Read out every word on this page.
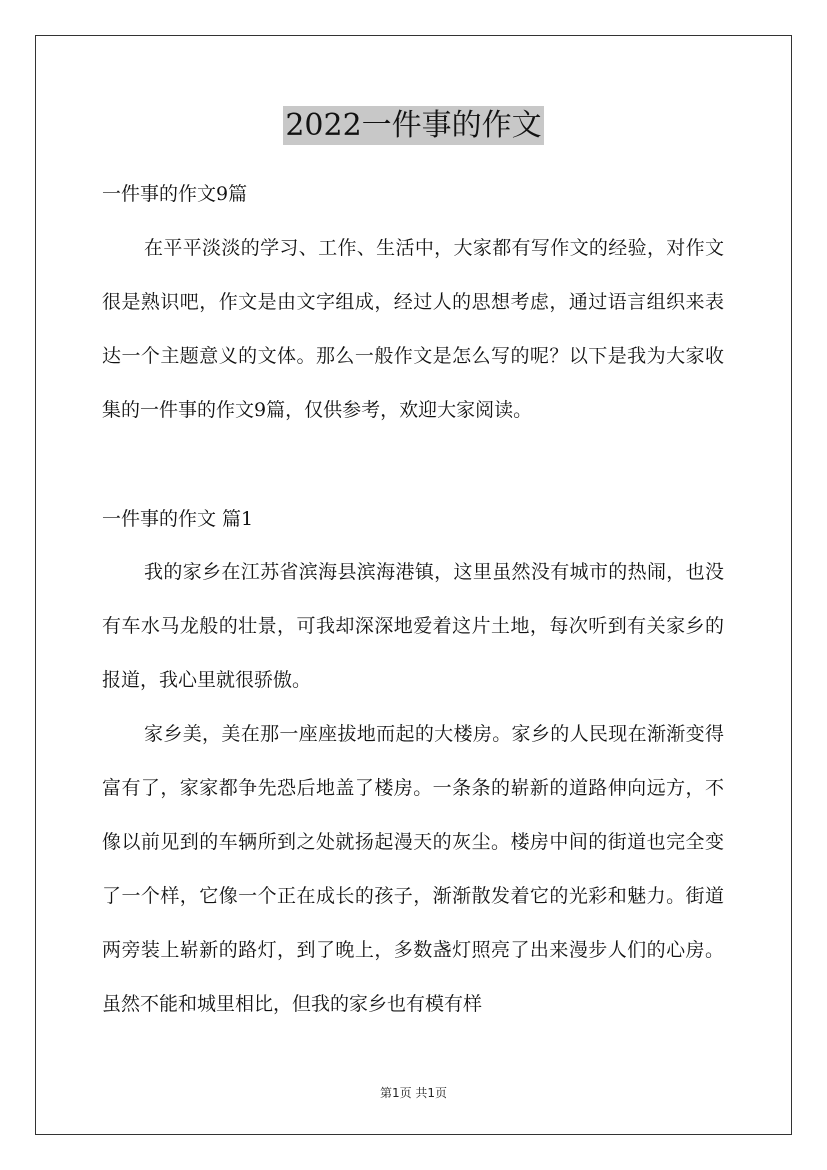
2022一件事的作文
一件事的作文9篇
在平平淡淡的学习、工作、生活中，大家都有写作文的经验，对作文很是熟识吧，作文是由文字组成，经过人的思想考虑，通过语言组织来表达一个主题意义的文体。那么一般作文是怎么写的呢？以下是我为大家收集的一件事的作文9篇，仅供参考，欢迎大家阅读。
一件事的作文 篇1
我的家乡在江苏省滨海县滨海港镇，这里虽然没有城市的热闹，也没有车水马龙般的壮景，可我却深深地爱着这片土地，每次听到有关家乡的报道，我心里就很骄傲。
家乡美，美在那一座座拔地而起的大楼房。家乡的人民现在渐渐变得富有了，家家都争先恐后地盖了楼房。一条条的崭新的道路伸向远方，不像以前见到的车辆所到之处就扬起漫天的灰尘。楼房中间的街道也完全变了一个样，它像一个正在成长的孩子，渐渐散发着它的光彩和魅力。街道两旁装上崭新的路灯，到了晚上，多数盏灯照亮了出来漫步人们的心房。虽然不能和城里相比，但我的家乡也有模有样
第1页 共1页
